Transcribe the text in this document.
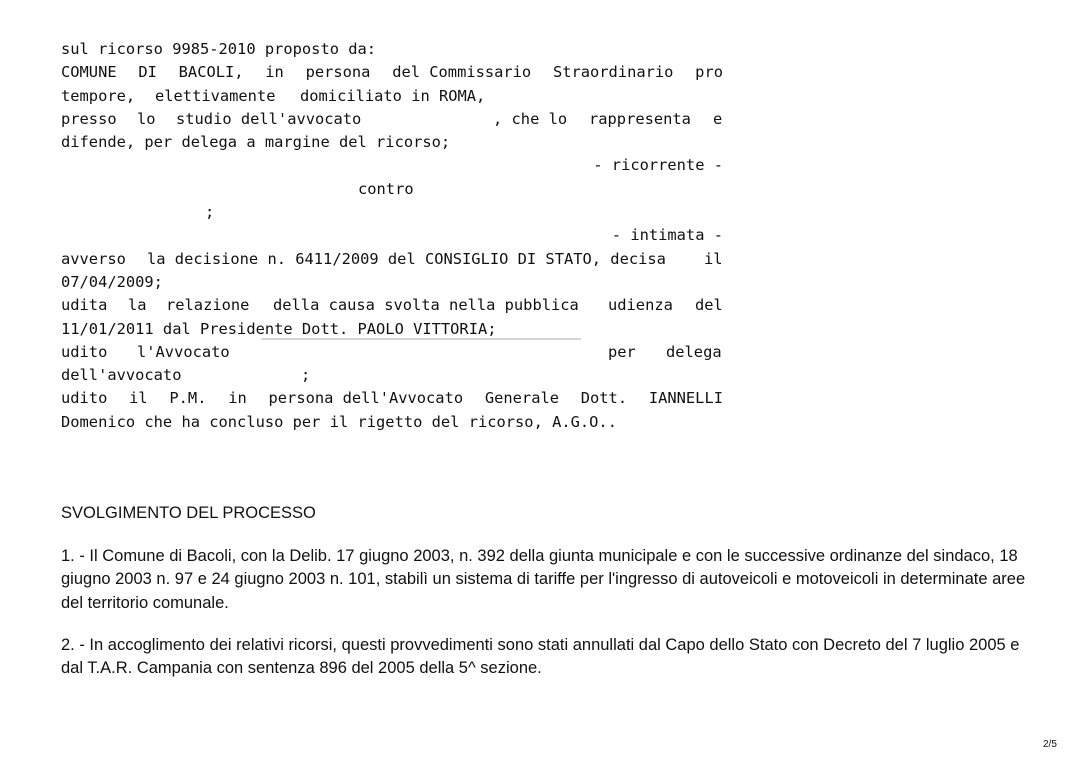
sul ricorso 9985-2010 proposto da:
COMUNE DI BACOLI, in persona del Commissario Straordinario pro

tempore,

elettivamente

domiciliato in ROMA,

presso

lo

studio dell'avvocato

	, che lo

rappresenta

e

difende, per delega a margine del ricorso;
- ricorrente -

contro

;

- intimata -

avverso

la decisione n. 6411/2009 del CONSIGLIO DI STATO, decisa

il

07/04/2009;

udita

la

relazione

della causa svolta nella pubblica

udienza

del

11/01/2011 dal Presidente Dott. PAOLO VITTORIA;

udito

l'Avvocato

	per

delega

dell'avvocato

	;

udito il P.M. in persona dell'Avvocato Generale Dott. IANNELLI
Domenico che ha concluso per il rigetto del ricorso, A.G.O..
SVOLGIMENTO DEL PROCESSO
1. - Il Comune di Bacoli, con la Delib. 17 giugno 2003, n. 392 della giunta municipale e con le successive ordinanze del sindaco, 18 giugno 2003 n. 97 e 24 giugno 2003 n. 101, stabilì un sistema di tariffe per l'ingresso di autoveicoli e motoveicoli in determinate aree del territorio comunale.
2. - In accoglimento dei relativi ricorsi, questi provvedimenti sono stati annullati dal Capo dello Stato con Decreto del 7 luglio 2005 e dal T.A.R. Campania con sentenza 896 del 2005 della 5^ sezione.
2/5
